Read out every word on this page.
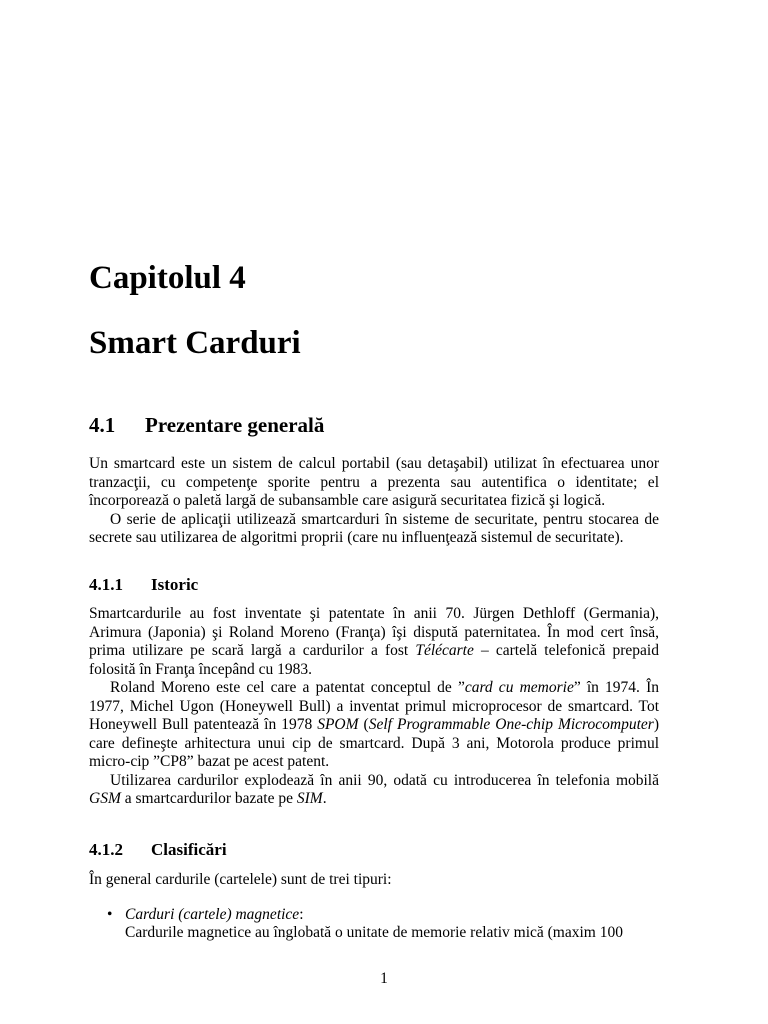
Capitolul 4
Smart Carduri
4.1 Prezentare generală

Un smartcard este un sistem de calcul portabil (sau detaşabil) utilizat în efectuarea unor tranzacţii, cu competenţe sporite pentru a prezenta sau autentifica o identitate; el încorporează o paletă largă de subansamble care asigură securitatea fizică şi logică.

O serie de aplicaţii utilizează smartcarduri în sisteme de securitate, pentru stocarea de secrete sau utilizarea de algoritmi proprii (care nu influenţează sistemul de securitate).

4.1.1 Istoric

Smartcardurile au fost inventate şi patentate în anii 70. Jürgen Dethloff (Germania), Arimura (Japonia) şi Roland Moreno (Franţa) îşi dispută paternitatea. În mod cert însă, prima utilizare pe scară largă a cardurilor a fost Télécarte – cartelă telefonică prepaid folosită în Franţa începând cu 1983.

Roland Moreno este cel care a patentat conceptul de ”card cu memorie” în 1974. În 1977, Michel Ugon (Honeywell Bull) a inventat primul microprocesor de smartcard. Tot Honeywell Bull patentează în 1978 SPOM (Self Programmable One-chip Microcomputer) care defineşte arhitectura unui cip de smartcard. După 3 ani, Motorola produce primul micro-cip ”CP8” bazat pe acest patent.

Utilizarea cardurilor explodează în anii 90, odată cu introducerea în telefonia mobilă GSM a smartcardurilor bazate pe SIM.

4.1.2 Clasificări

În general cardurile (cartelele) sunt de trei tipuri:

• Carduri (cartele) magnetice:
Cardurile magnetice au înglobată o unitate de memorie relativ mică (maxim 100
1
